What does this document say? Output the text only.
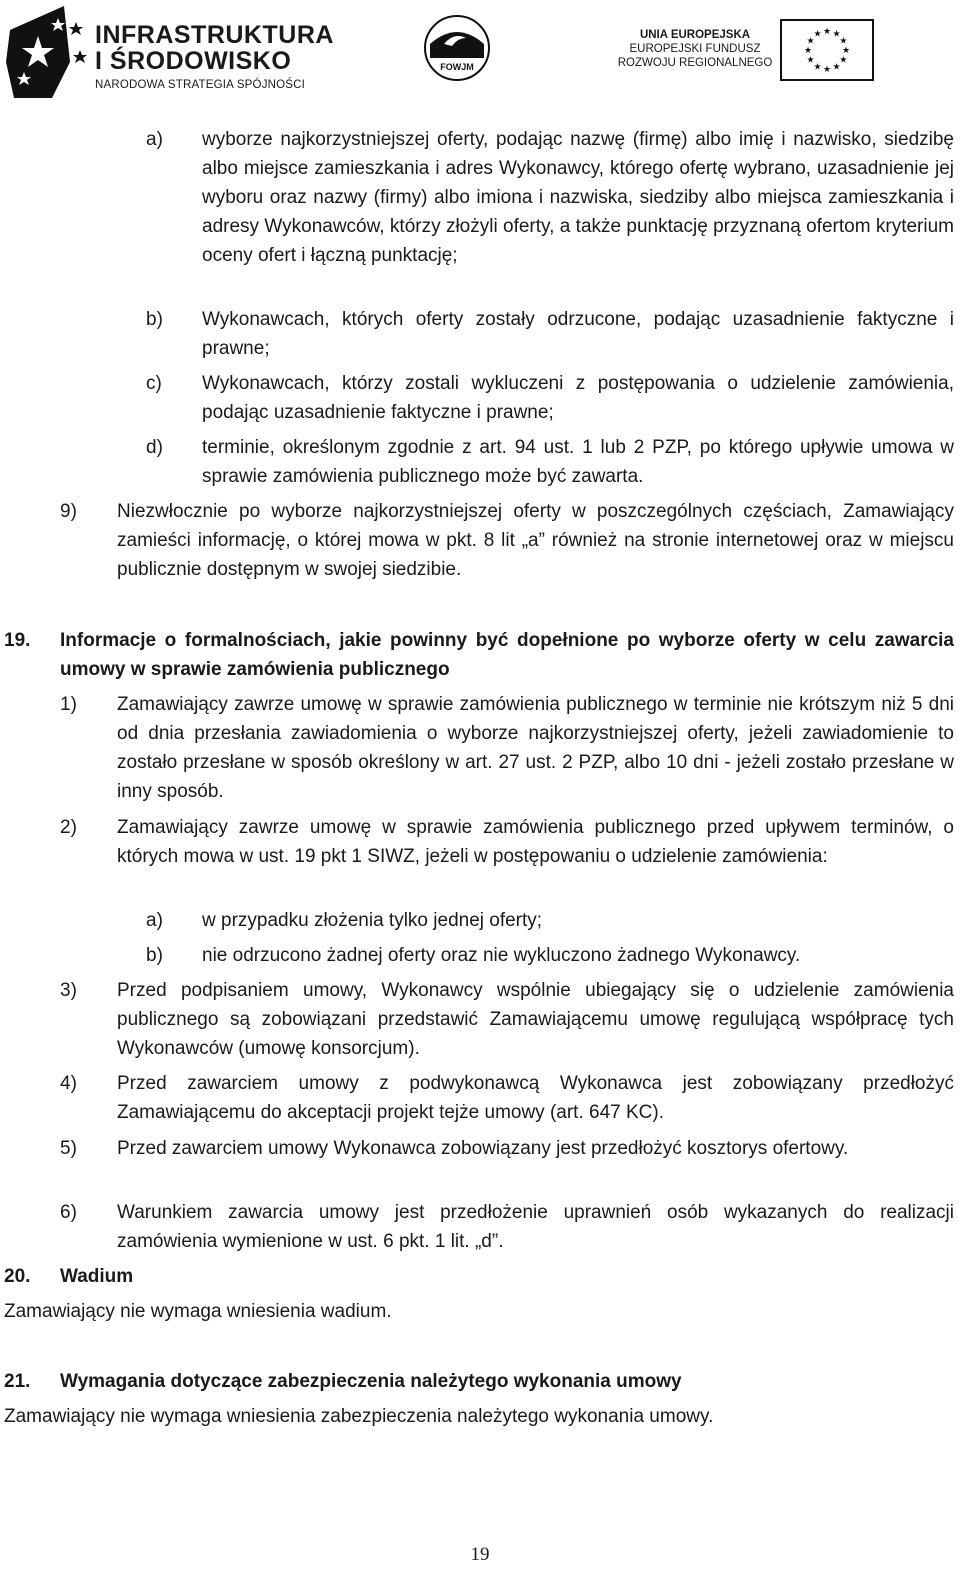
INFRASTRUKTURA
I ŚRODOWISKO
NARODOWA STRATEGIA SPÓJNOŚCI
FOWJM
UNIA EUROPEJSKA
EUROPEJSKI FUNDUSZ
ROZWOJU REGIONALNEGO
★ ★
★
★
★
★
★
★
★
★
★
★
a) wyborze najkorzystniejszej oferty, podając nazwę (firmę) albo imię i nazwisko, siedzibę albo miejsce zamieszkania i adres Wykonawcy, którego ofertę wybrano, uzasadnienie jej wyboru oraz nazwy (firmy) albo imiona i nazwiska, siedziby albo miejsca zamieszkania i adresy Wykonawców, którzy złożyli oferty, a także punktację przyznaną ofertom kryterium oceny ofert i łączną punktację;
b) Wykonawcach, których oferty zostały odrzucone, podając uzasadnienie faktyczne i prawne;
c) Wykonawcach, którzy zostali wykluczeni z postępowania o udzielenie zamówienia, podając uzasadnienie faktyczne i prawne;
d) terminie, określonym zgodnie z art. 94 ust. 1 lub 2 PZP, po którego upływie umowa w sprawie zamówienia publicznego może być zawarta.
9) Niezwłocznie po wyborze najkorzystniejszej oferty w poszczególnych częściach, Zamawiający zamieści informację, o której mowa w pkt. 8 lit „a” również na stronie internetowej oraz w miejscu publicznie dostępnym w swojej siedzibie.
19. Informacje o formalnościach, jakie powinny być dopełnione po wyborze oferty w celu zawarcia umowy w sprawie zamówienia publicznego
1) Zamawiający zawrze umowę w sprawie zamówienia publicznego w terminie nie krótszym niż 5 dni od dnia przesłania zawiadomienia o wyborze najkorzystniejszej oferty, jeżeli zawiadomienie to zostało przesłane w sposób określony w art. 27 ust. 2 PZP, albo 10 dni - jeżeli zostało przesłane w inny sposób.
2) Zamawiający zawrze umowę w sprawie zamówienia publicznego przed upływem terminów, o których mowa w ust. 19 pkt 1 SIWZ, jeżeli w postępowaniu o udzielenie zamówienia:
a) w przypadku złożenia tylko jednej oferty;
b) nie odrzucono żadnej oferty oraz nie wykluczono żadnego Wykonawcy.
3) Przed podpisaniem umowy, Wykonawcy wspólnie ubiegający się o udzielenie zamówienia publicznego są zobowiązani przedstawić Zamawiającemu umowę regulującą współpracę tych Wykonawców (umowę konsorcjum).
4) Przed zawarciem umowy z podwykonawcą Wykonawca jest zobowiązany przedłożyć Zamawiającemu do akceptacji projekt tejże umowy (art. 647 KC).
5) Przed zawarciem umowy Wykonawca zobowiązany jest przedłożyć kosztorys ofertowy.
6) Warunkiem zawarcia umowy jest przedłożenie uprawnień osób wykazanych do realizacji zamówienia wymienione w ust. 6 pkt. 1 lit. „d”.
20. Wadium
Zamawiający nie wymaga wniesienia wadium.
21. Wymagania dotyczące zabezpieczenia należytego wykonania umowy
Zamawiający nie wymaga wniesienia zabezpieczenia należytego wykonania umowy.
19
